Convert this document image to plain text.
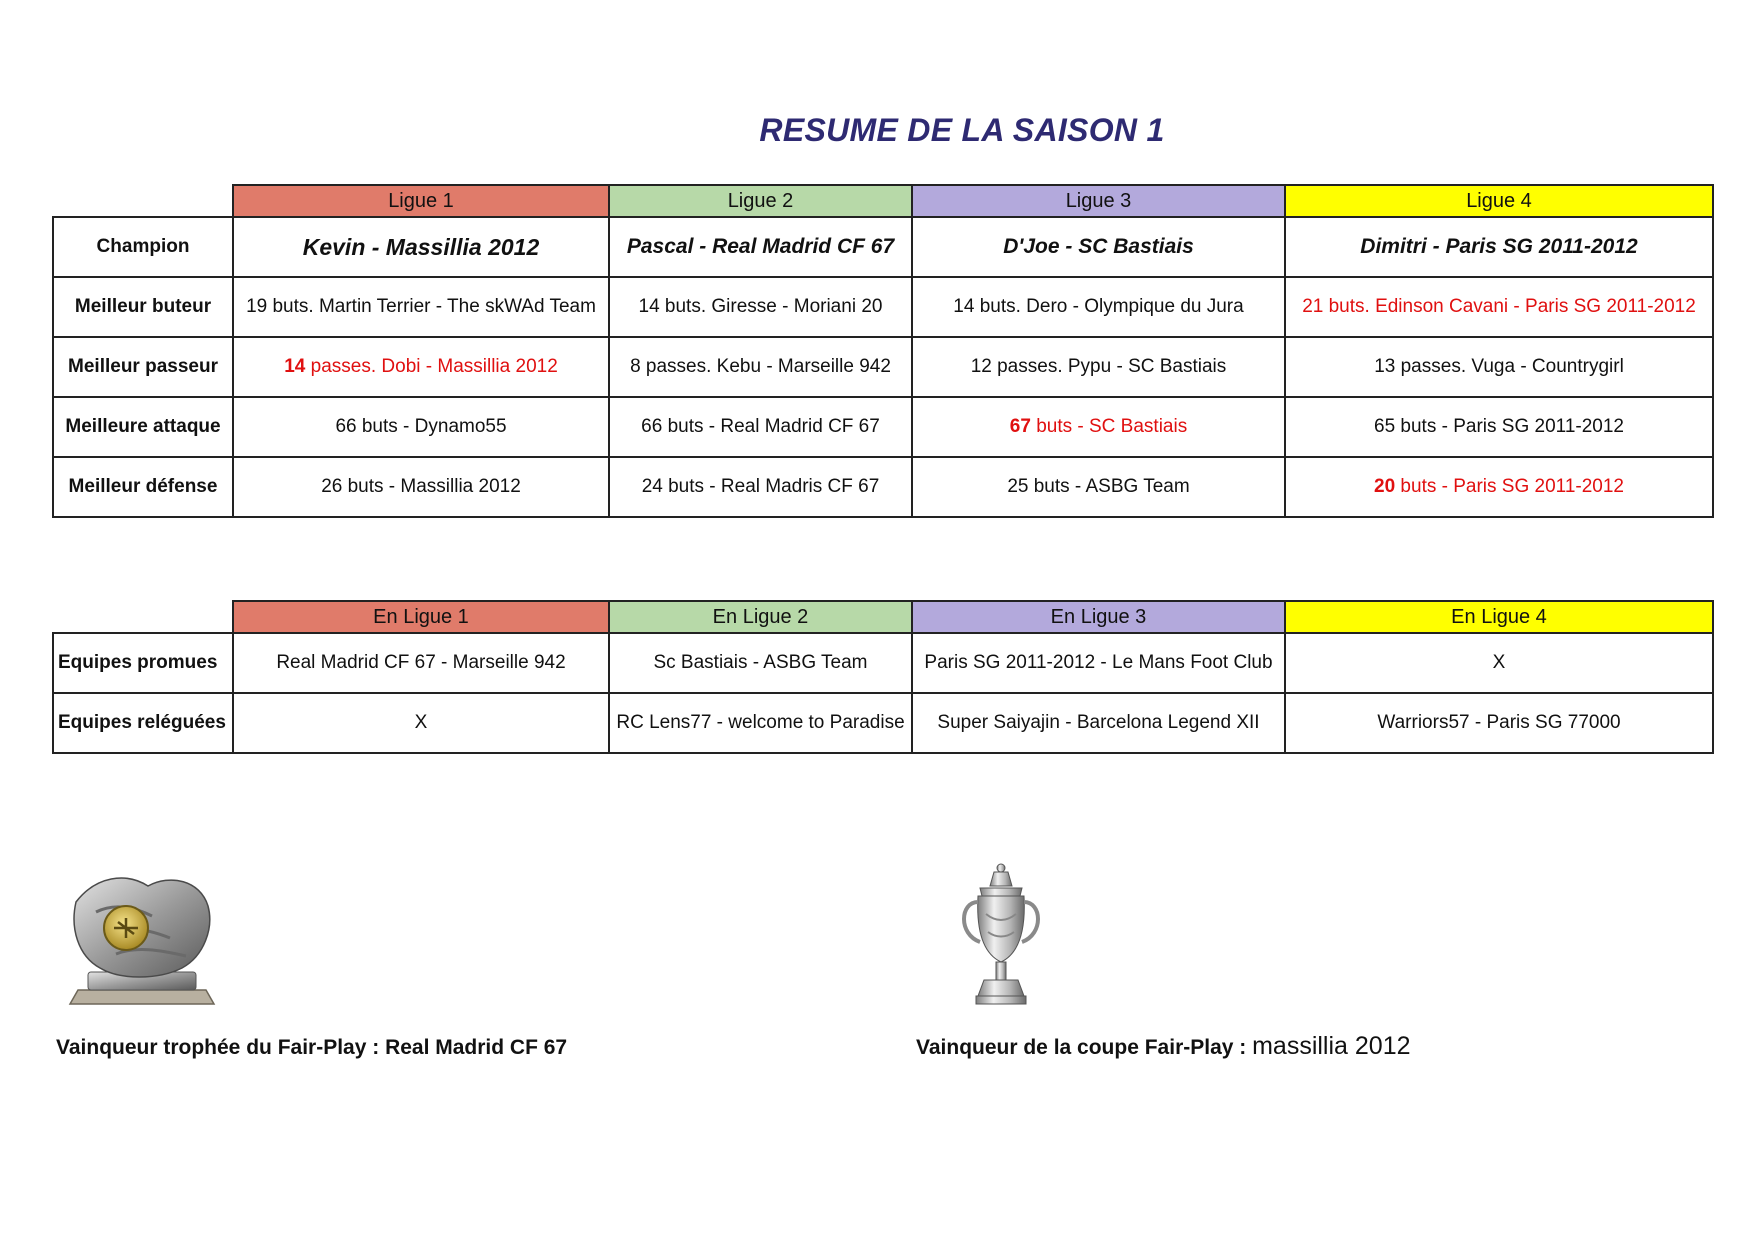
RESUME DE LA SAISON 1
	Ligue 1	Ligue 2	Ligue 3	Ligue 4
Champion	Kevin - Massillia 2012	Pascal - Real Madrid CF 67	D'Joe - SC Bastiais	Dimitri - Paris SG 2011-2012
Meilleur buteur	19 buts. Martin Terrier - The skWAd Team	14 buts. Giresse - Moriani 20	14 buts. Dero - Olympique du Jura	21 buts. Edinson Cavani - Paris SG 2011-2012
Meilleur passeur	14 passes. Dobi - Massillia 2012	8 passes. Kebu - Marseille 942	12 passes. Pypu - SC Bastiais	13 passes. Vuga - Countrygirl
Meilleure attaque	66 buts - Dynamo55	66 buts - Real Madrid CF 67	67 buts - SC Bastiais	65 buts - Paris SG 2011-2012
Meilleur défense	26 buts - Massillia 2012	24 buts - Real Madris CF 67	25 buts - ASBG Team	20 buts - Paris SG 2011-2012
	En Ligue 1	En Ligue 2	En Ligue 3	En Ligue 4
Equipes promues	Real Madrid CF 67 - Marseille 942	Sc Bastiais - ASBG Team	Paris SG 2011-2012 - Le Mans Foot Club	X
Equipes reléguées	X	RC Lens77 - welcome to Paradise	Super Saiyajin - Barcelona Legend XII	Warriors57 - Paris SG 77000
Vainqueur trophée du Fair-Play : Real Madrid CF 67	Vainqueur de la coupe Fair-Play : massillia 2012
